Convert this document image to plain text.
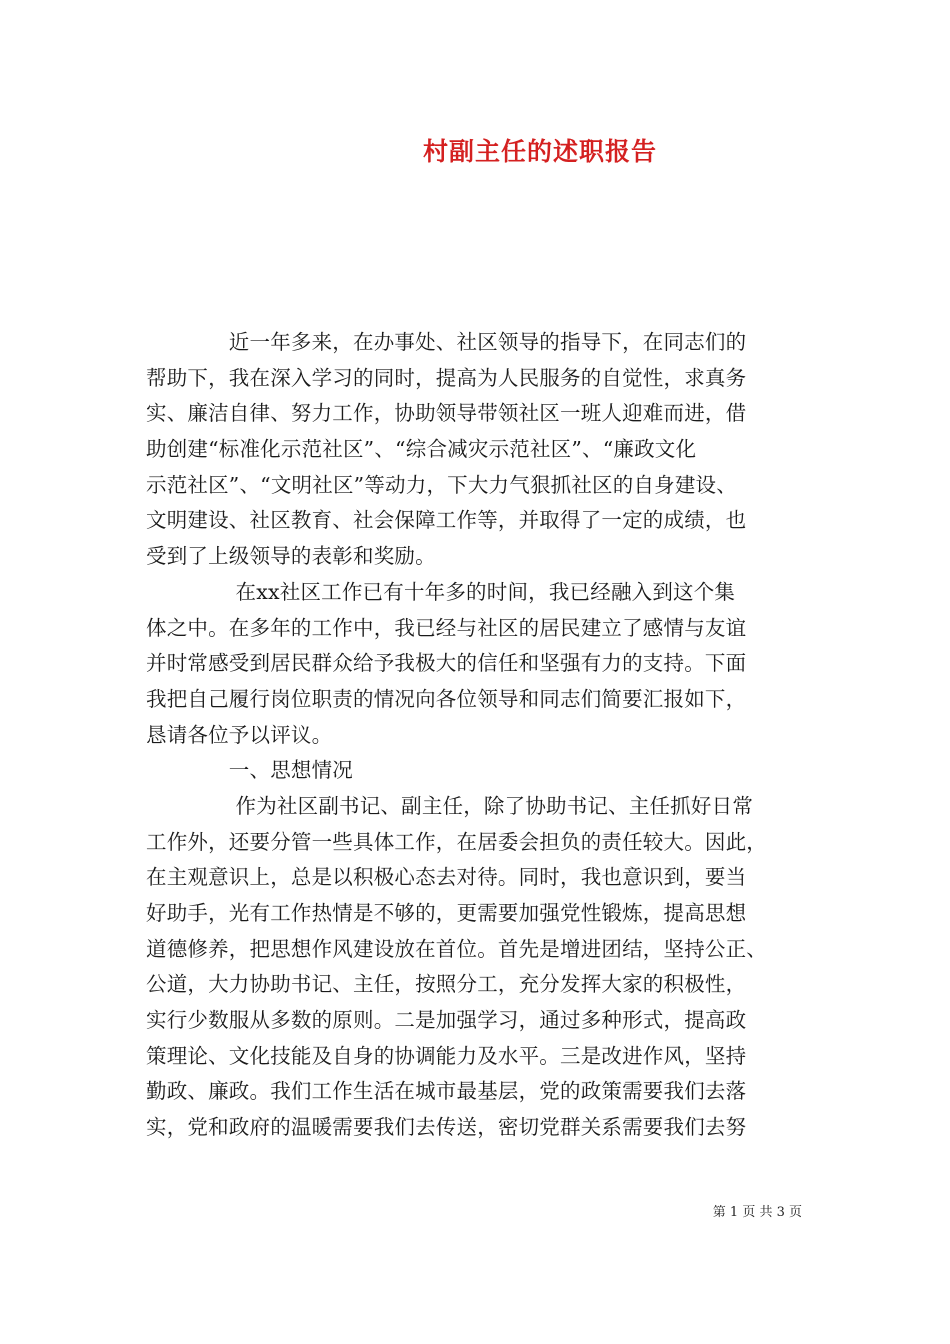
村副主任的述职报告
　　　　近一年多来，在办事处、社区领导的指导下，在同志们的
帮助下，我在深入学习的同时，提高为人民服务的自觉性，求真务
实、廉洁自律、努力工作，协助领导带领社区一班人迎难而进，借
助创建“标准化示范社区”、“综合减灾示范社区”、“廉政文化
示范社区”、“文明社区”等动力，下大力气狠抓社区的自身建设、
文明建设、社区教育、社会保障工作等，并取得了一定的成绩，也
受到了上级领导的表彰和奖励。
　　　　 在xx社区工作已有十年多的时间，我已经融入到这个集
体之中。在多年的工作中，我已经与社区的居民建立了感情与友谊
并时常感受到居民群众给予我极大的信任和坚强有力的支持。下面
我把自己履行岗位职责的情况向各位领导和同志们简要汇报如下，
恳请各位予以评议。
　　　　一、思想情况
　　　　 作为社区副书记、副主任，除了协助书记、主任抓好日常
工作外，还要分管一些具体工作，在居委会担负的责任较大。因此，
在主观意识上，总是以积极心态去对待。同时，我也意识到，要当
好助手，光有工作热情是不够的，更需要加强党性锻炼，提高思想
道德修养，把思想作风建设放在首位。首先是增进团结，坚持公正、
公道，大力协助书记、主任，按照分工，充分发挥大家的积极性，
实行少数服从多数的原则。二是加强学习，通过多种形式，提高政
策理论、文化技能及自身的协调能力及水平。三是改进作风，坚持
勤政、廉政。我们工作生活在城市最基层，党的政策需要我们去落
实，党和政府的温暖需要我们去传送，密切党群关系需要我们去努
第 1 页 共 3 页
